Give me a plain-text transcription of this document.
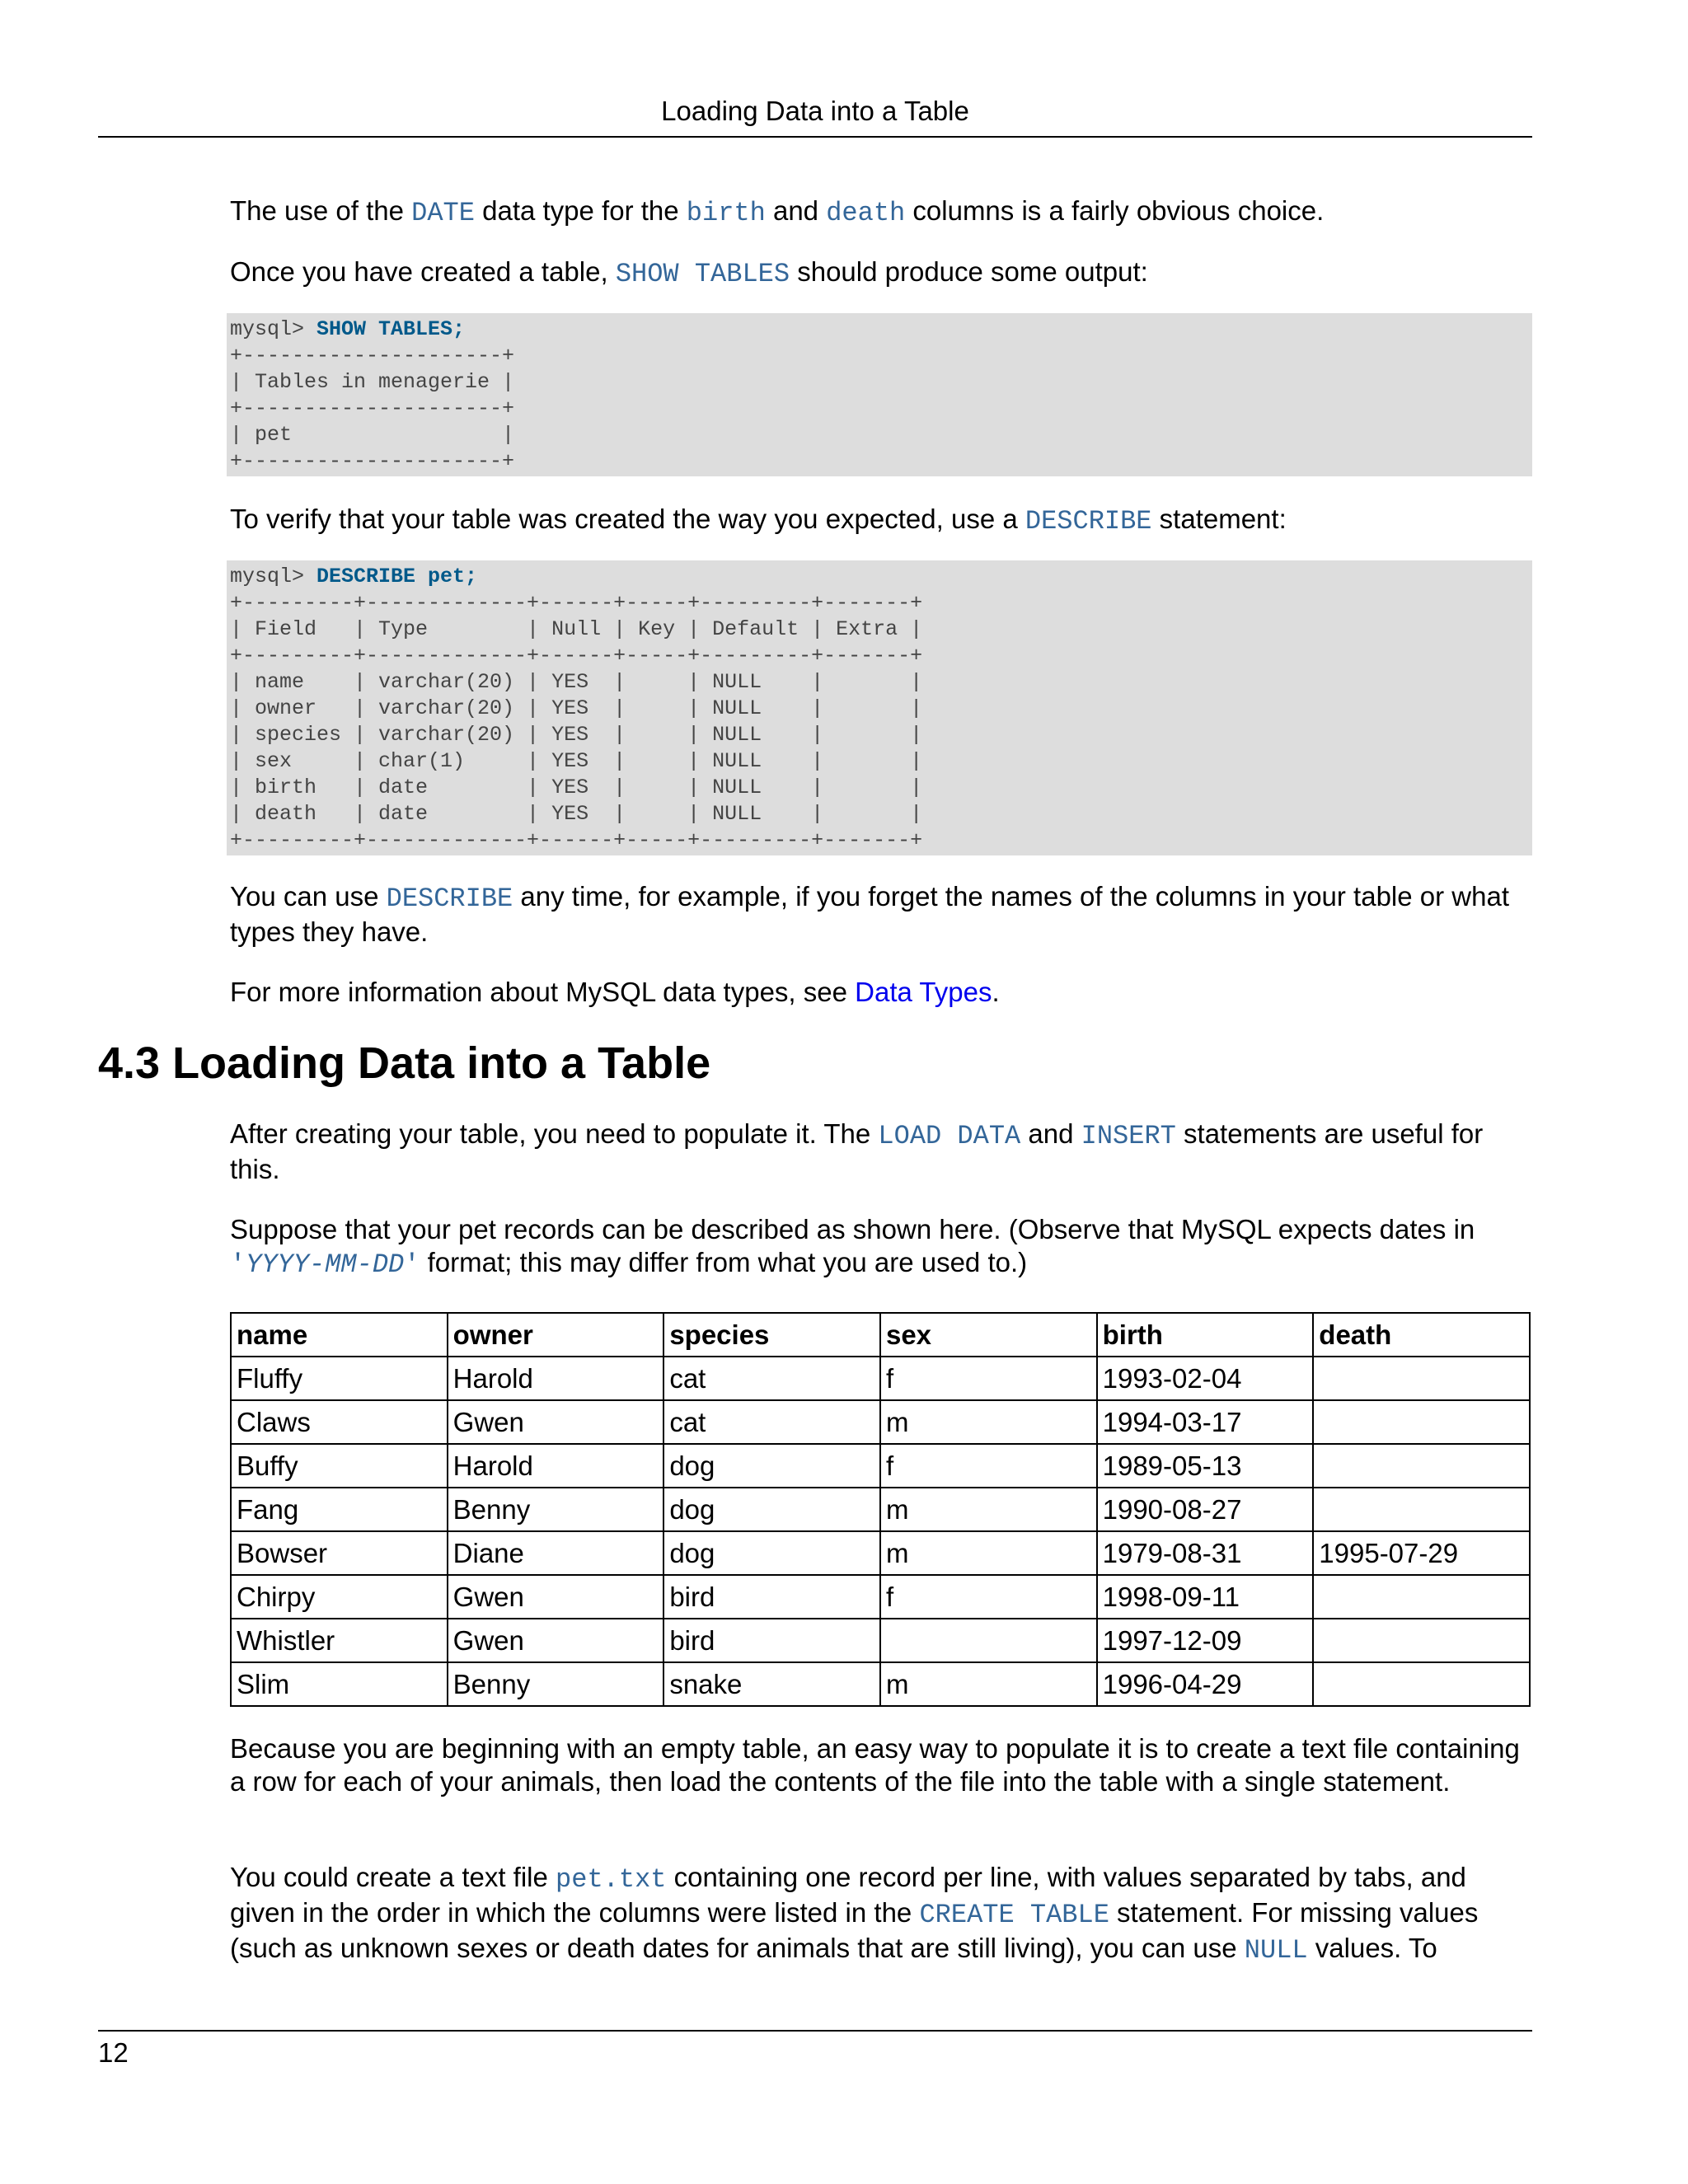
Loading Data into a Table

The use of the DATE data type for the birth and death columns is a fairly obvious choice.

Once you have created a table, SHOW TABLES should produce some output:

mysql> SHOW TABLES;
+---------------------+
| Tables in menagerie |
+---------------------+
| pet                 |
+---------------------+

To verify that your table was created the way you expected, use a DESCRIBE statement:

mysql> DESCRIBE pet;
+---------+-------------+------+-----+---------+-------+
| Field   | Type        | Null | Key | Default | Extra |
+---------+-------------+------+-----+---------+-------+
| name    | varchar(20) | YES  |     | NULL    |       |
| owner   | varchar(20) | YES  |     | NULL    |       |
| species | varchar(20) | YES  |     | NULL    |       |
| sex     | char(1)     | YES  |     | NULL    |       |
| birth   | date        | YES  |     | NULL    |       |
| death   | date        | YES  |     | NULL    |       |
+---------+-------------+------+-----+---------+-------+

You can use DESCRIBE any time, for example, if you forget the names of the columns in your table or what types they have.

For more information about MySQL data types, see Data Types.

4.3 Loading Data into a Table

After creating your table, you need to populate it. The LOAD DATA and INSERT statements are useful for this.

Suppose that your pet records can be described as shown here. (Observe that MySQL expects dates in 'YYYY-MM-DD' format; this may differ from what you are used to.)

name	owner	species	sex	birth	death
Fluffy	Harold	cat	f	1993-02-04	
Claws	Gwen	cat	m	1994-03-17	
Buffy	Harold	dog	f	1989-05-13	
Fang	Benny	dog	m	1990-08-27	
Bowser	Diane	dog	m	1979-08-31	1995-07-29
Chirpy	Gwen	bird	f	1998-09-11	
Whistler	Gwen	bird		1997-12-09	
Slim	Benny	snake	m	1996-04-29	

Because you are beginning with an empty table, an easy way to populate it is to create a text file containing a row for each of your animals, then load the contents of the file into the table with a single statement.

You could create a text file pet.txt containing one record per line, with values separated by tabs, and given in the order in which the columns were listed in the CREATE TABLE statement. For missing values (such as unknown sexes or death dates for animals that are still living), you can use NULL values. To

12
